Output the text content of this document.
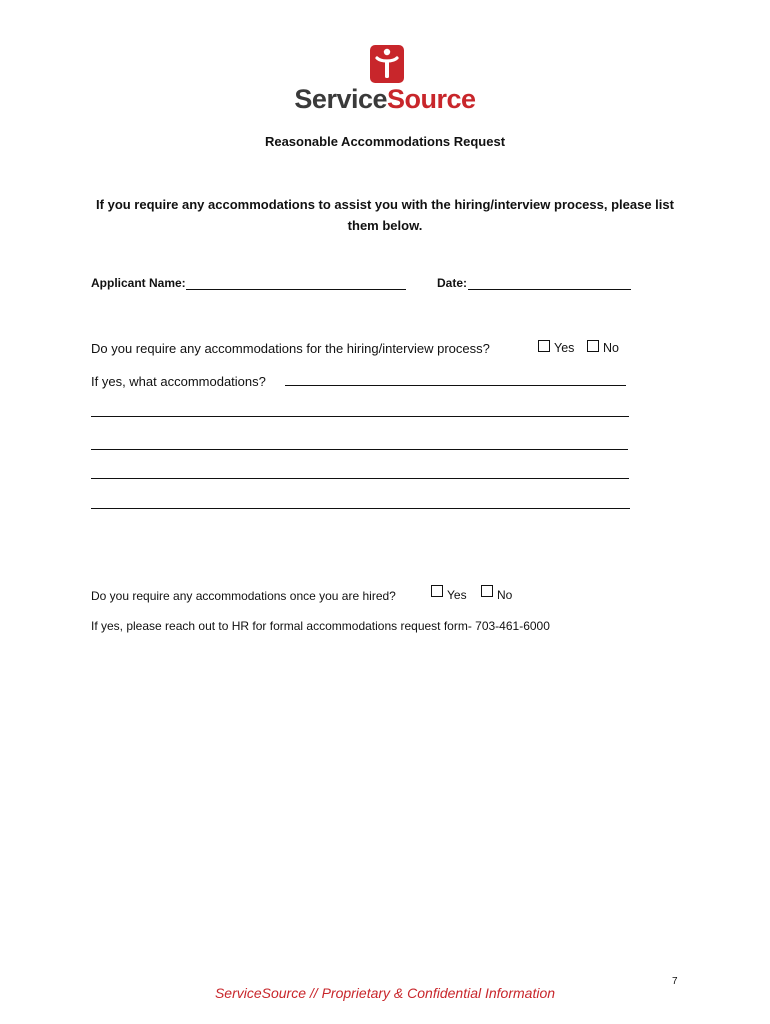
ServiceSource
Reasonable Accommodations Request
If you require any accommodations to assist you with the hiring/interview process, please list them below.
Applicant Name:	Date:
Do you require any accommodations for the hiring/interview process?	Yes No
If yes, what accommodations?
Do you require any accommodations once you are hired?	Yes	No
If yes, please reach out to HR for formal accommodations request form- 703-461-6000
7
ServiceSource // Proprietary & Confidential Information
